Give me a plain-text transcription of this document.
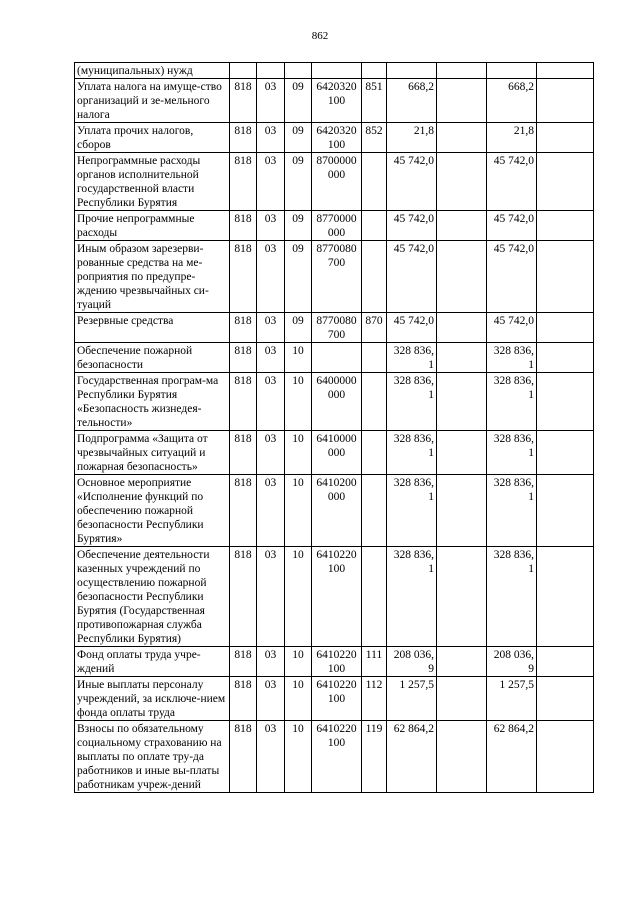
862
(муниципальных) нужд									
Уплата налога на имуще-ство организаций и зе-мельного налога	818	03	09	6420320100	851	668,2		668,2	
Уплата прочих налогов, сборов	818	03	09	6420320100	852	21,8		21,8	
Непрограммные расходы органов исполнительной государственной власти Республики Бурятия	818	03	09	8700000000		45 742,0		45 742,0	
Прочие непрограммные расходы	818	03	09	8770000000		45 742,0		45 742,0	
Иным образом зарезерви-рованные средства на ме-роприятия по предупре-ждению чрезвычайных си-туаций	818	03	09	8770080700		45 742,0		45 742,0	
Резервные средства	818	03	09	8770080700	870	45 742,0		45 742,0	
Обеспечение пожарной безопасности	818	03	10			328 836,1		328 836,1	
Государственная програм-ма Республики Бурятия «Безопасность жизнедея-тельности»	818	03	10	6400000000		328 836,1		328 836,1	
Подпрограмма «Защита от чрезвычайных ситуаций и пожарная безопасность»	818	03	10	6410000000		328 836,1		328 836,1	
Основное мероприятие «Исполнение функций по обеспечению пожарной безопасности Республики Бурятия»	818	03	10	6410200000		328 836,1		328 836,1	
Обеспечение деятельности казенных учреждений по осуществлению пожарной безопасности Республики Бурятия (Государственная противопожарная служба Республики Бурятия)	818	03	10	6410220100		328 836,1		328 836,1	
Фонд оплаты труда учре-ждений	818	03	10	6410220100	111	208 036,9		208 036,9	
Иные выплаты персоналу учреждений, за исключе-нием фонда оплаты труда	818	03	10	6410220100	112	1 257,5		1 257,5	
Взносы по обязательному социальному страхованию на выплаты по оплате тру-да работников и иные вы-платы работникам учреж-дений	818	03	10	6410220100	119	62 864,2		62 864,2	
